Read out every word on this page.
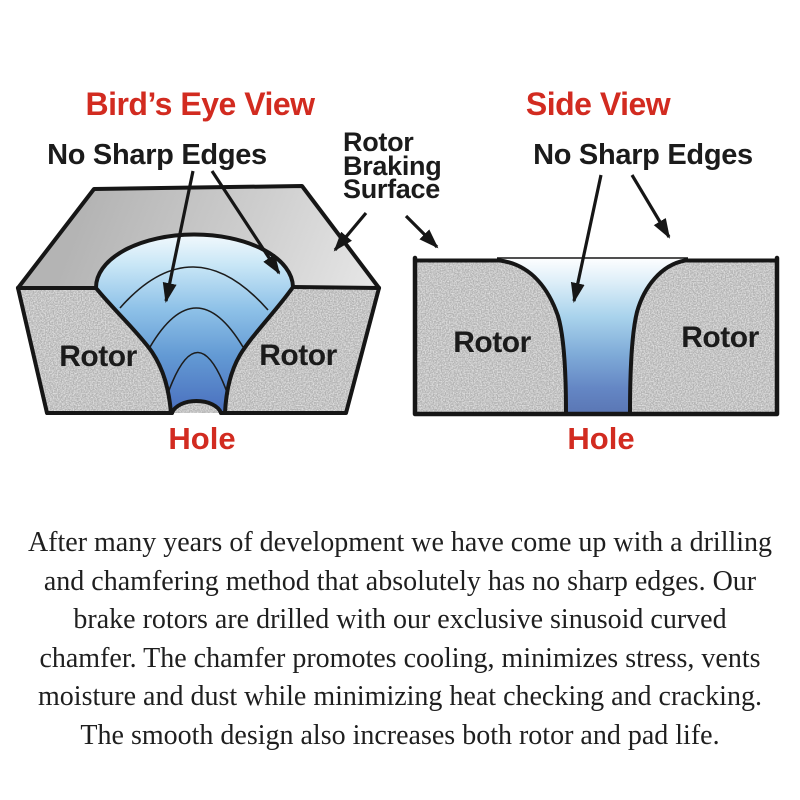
Bird’s Eye View	Side View
No Sharp Edges	No Sharp Edges
Rotor
Braking
Surface
Rotor	Rotor	Rotor	Rotor
Hole	Hole
After many years of development we have come up with a drilling
and chamfering method that absolutely has no sharp edges. Our
brake rotors are drilled with our exclusive sinusoid curved
chamfer. The chamfer promotes cooling, minimizes stress, vents
moisture and dust while minimizing heat checking and cracking.
The smooth design also increases both rotor and pad life.
